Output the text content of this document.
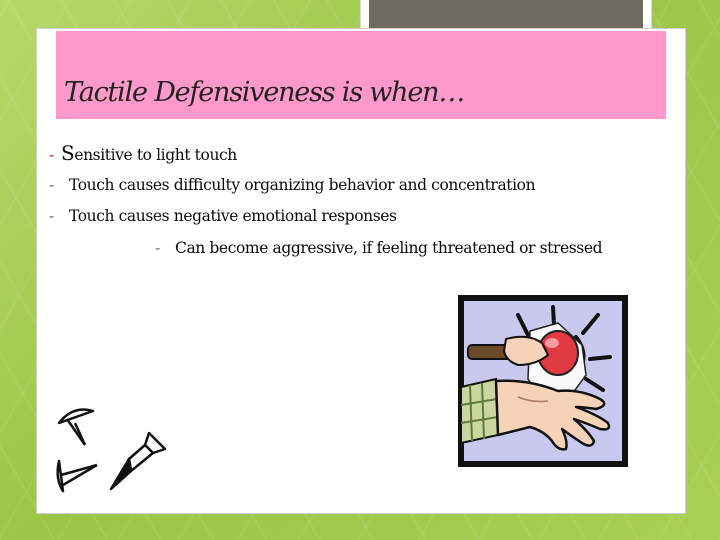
Tactile Defensiveness is when…
- Sensitive to light touch
- Touch causes difficulty organizing behavior and concentration
- Touch causes negative emotional responses
- Can become aggressive, if feeling threatened or stressed
